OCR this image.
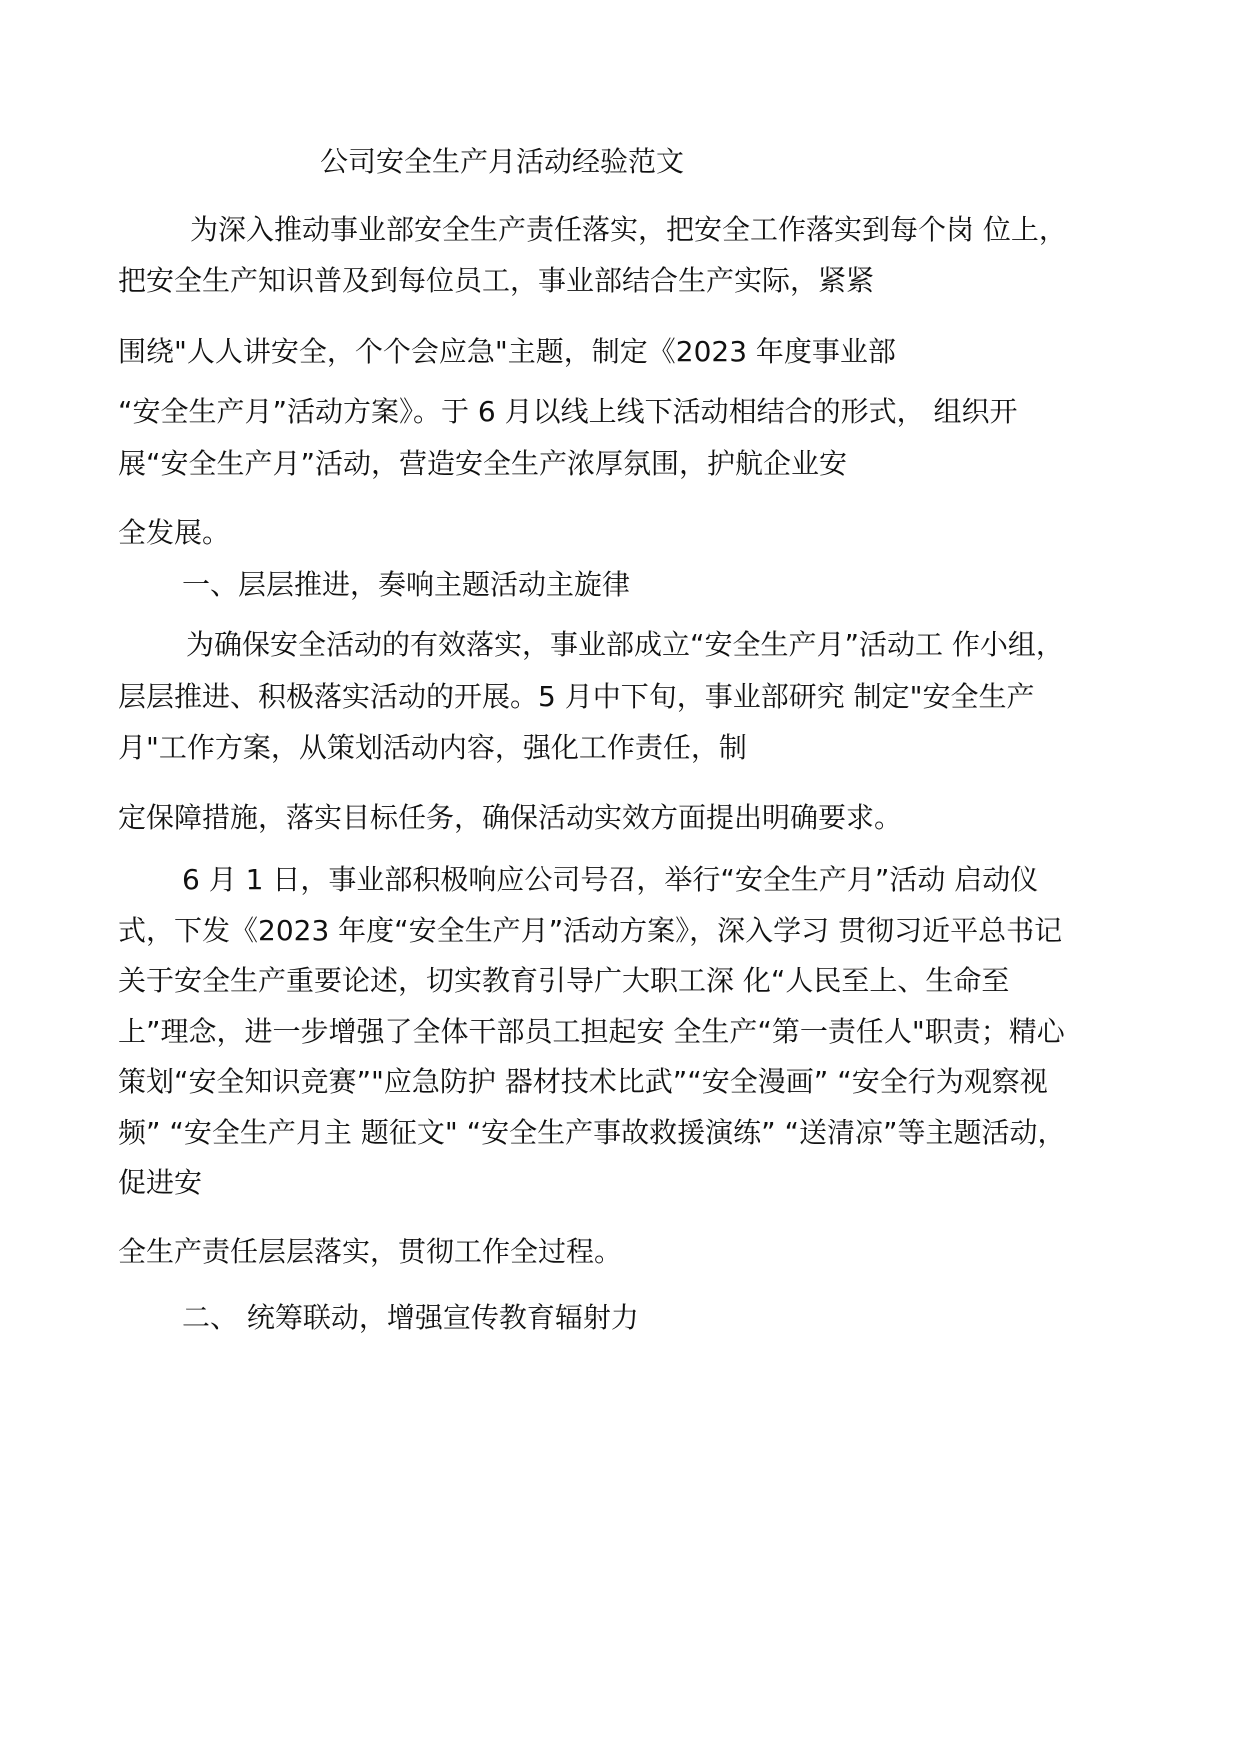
公司安全生产月活动经验范文
为深入推动事业部安全生产责任落实，把安全工作落实到每个岗 位上，
把安全生产知识普及到每位员工，事业部结合生产实际，紧紧
围绕"人人讲安全，个个会应急"主题，制定《2023 年度事业部
“安全生产月”活动方案》。于 6 月以线上线下活动相结合的形式， 组织开
展“安全生产月”活动，营造安全生产浓厚氛围，护航企业安
全发展。
一、层层推进，奏响主题活动主旋律
为确保安全活动的有效落实，事业部成立“安全生产月”活动工 作小组，
层层推进、积极落实活动的开展。5 月中下旬，事业部研究 制定"安全生产
月"工作方案，从策划活动内容，强化工作责任，制
定保障措施，落实目标任务，确保活动实效方面提出明确要求。
6 月 1 日，事业部积极响应公司号召，举行“安全生产月”活动 启动仪
式，下发《2023 年度“安全生产月”活动方案》，深入学习 贯彻习近平总书记
关于安全生产重要论述，切实教育引导广大职工深 化“人民至上、生命至
上”理念，进一步增强了全体干部员工担起安 全生产“第一责任人"职责；精心
策划“安全知识竞赛”"应急防护 器材技术比武”“安全漫画” “安全行为观察视
频” “安全生产月主 题征文" “安全生产事故救援演练” “送清凉”等主题活动，
促进安
全生产责任层层落实，贯彻工作全过程。
二、 统筹联动，增强宣传教育辐射力
